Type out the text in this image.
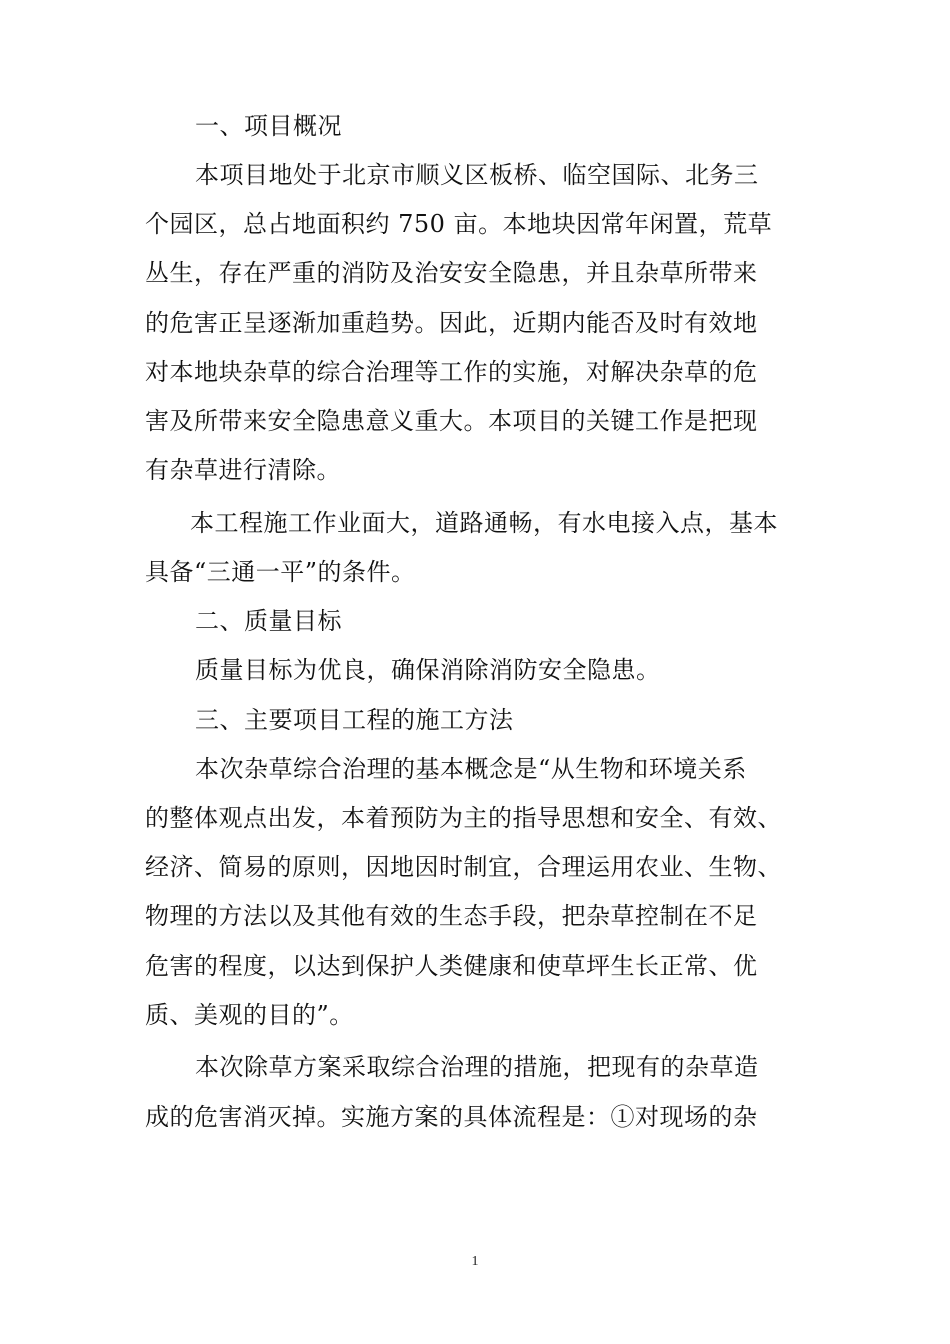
一、项目概况
本项目地处于北京市顺义区板桥、临空国际、北务三
个园区，总占地面积约 750 亩。本地块因常年闲置，荒草
丛生，存在严重的消防及治安安全隐患，并且杂草所带来
的危害正呈逐渐加重趋势。因此，近期内能否及时有效地
对本地块杂草的综合治理等工作的实施，对解决杂草的危
害及所带来安全隐患意义重大。本项目的关键工作是把现
有杂草进行清除。
本工程施工作业面大，道路通畅，有水电接入点，基本
具备“三通一平”的条件。
二、质量目标
质量目标为优良，确保消除消防安全隐患。
三、主要项目工程的施工方法
本次杂草综合治理的基本概念是“从生物和环境关系
的整体观点出发，本着预防为主的指导思想和安全、有效、
经济、简易的原则，因地因时制宜，合理运用农业、生物、
物理的方法以及其他有效的生态手段，把杂草控制在不足
危害的程度，以达到保护人类健康和使草坪生长正常、优
质、美观的目的”。
本次除草方案采取综合治理的措施，把现有的杂草造
成的危害消灭掉。实施方案的具体流程是：①对现场的杂
1
